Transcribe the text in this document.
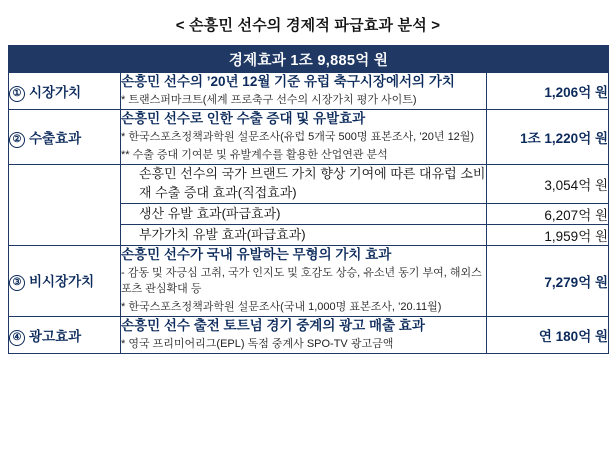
< 손흥민 선수의 경제적 파급효과 분석 >
경제효과 1조 9,885억 원		
① 시장가치	손흥민 선수의 ’20년 12월 기준 유럽 축구시장에서의 가치
* 트랜스퍼마크트(세계 프로축구 선수의 시장가치 평가 사이트)	1,206억 원
② 수출효과	손흥민 선수로 인한 수출 증대 및 유발효과
* 한국스포츠정책과학원 설문조사(유럽 5개국 500명 표본조사, ’20년 12월)
** 수출 증대 기여분 및 유발계수를 활용한 산업연관 분석	1조 1,220억 원

	손흥민 선수의 국가 브랜드 가치 향상 기여에 따른 대유럽 소비재 수출 증대 효과(직접효과)	3,054억 원

	생산 유발 효과(파급효과)	6,207억 원

	부가가치 유발 효과(파급효과)	1,959억 원
③ 비시장가치	손흥민 선수가 국내 유발하는 무형의 가치 효과
- 감동 및 자긍심 고취, 국가 인지도 및 호감도 상승, 유소년 동기 부여, 해외스포츠 관심확대 등
* 한국스포츠정책과학원 설문조사(국내 1,000명 표본조사, ’20.11월)	7,279억 원
④ 광고효과	손흥민 선수 출전 토트넘 경기 중계의 광고 매출 효과
* 영국 프리미어리그(EPL) 독점 중계사 SPO-TV 광고금액	연 180억 원
